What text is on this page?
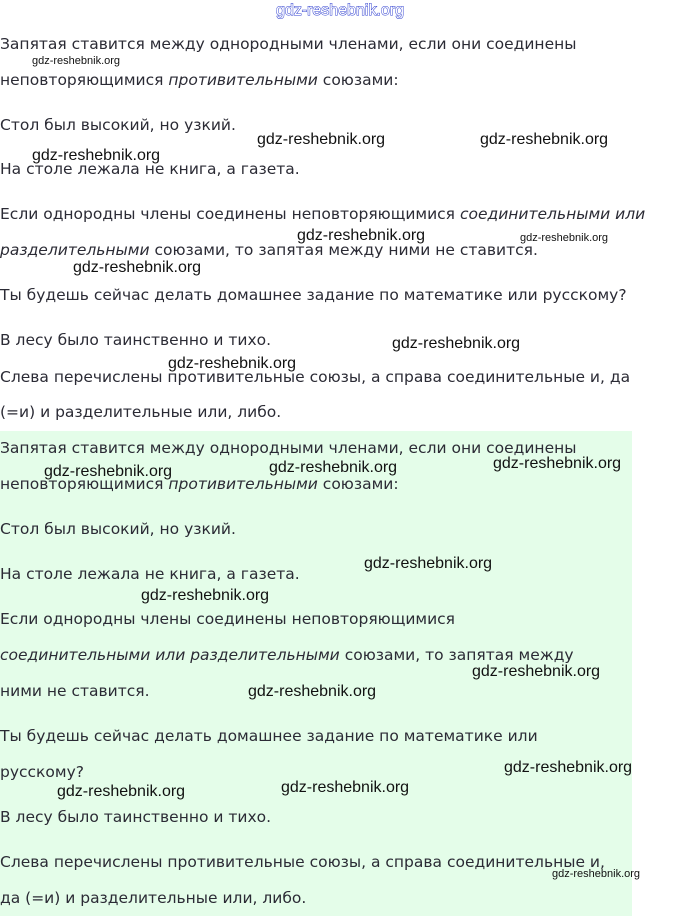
gdz-reshebnik.org
Запятая ставится между однородными членами, если они соединены
неповторяющимися противительными союзами:
Стол был высокий, но узкий.
На столе лежала не книга, а газета.
Если однородны члены соединены неповторяющимися соединительными или
разделительными союзами, то запятая между ними не ставится.
Ты будешь сейчас делать домашнее задание по математике или русскому?
В лесу было таинственно и тихо.
Слева перечислены противительные союзы, а справа соединительные и, да
(=и) и разделительные или, либо.
Запятая ставится между однородными членами, если они соединены
неповторяющимися противительными союзами:
Стол был высокий, но узкий.
На столе лежала не книга, а газета.
Если однородны члены соединены неповторяющимися
соединительными или разделительными союзами, то запятая между
ними не ставится.
Ты будешь сейчас делать домашнее задание по математике или
русскому?
В лесу было таинственно и тихо.
Слева перечислены противительные союзы, а справа соединительные и,
да (=и) и разделительные или, либо.
gdz-reshebnik.org
gdz-reshebnik.org	gdz-reshebnik.org
gdz-reshebnik.org
gdz-reshebnik.org	gdz-reshebnik.org
gdz-reshebnik.org
gdz-reshebnik.org
gdz-reshebnik.org
gdz-reshebnik.org
gdz-reshebnik.org
gdz-reshebnik.org
gdz-reshebnik.org
gdz-reshebnik.org
gdz-reshebnik.org
gdz-reshebnik.org
gdz-reshebnik.org
gdz-reshebnik.org
gdz-reshebnik.org
gdz-reshebnik.org
